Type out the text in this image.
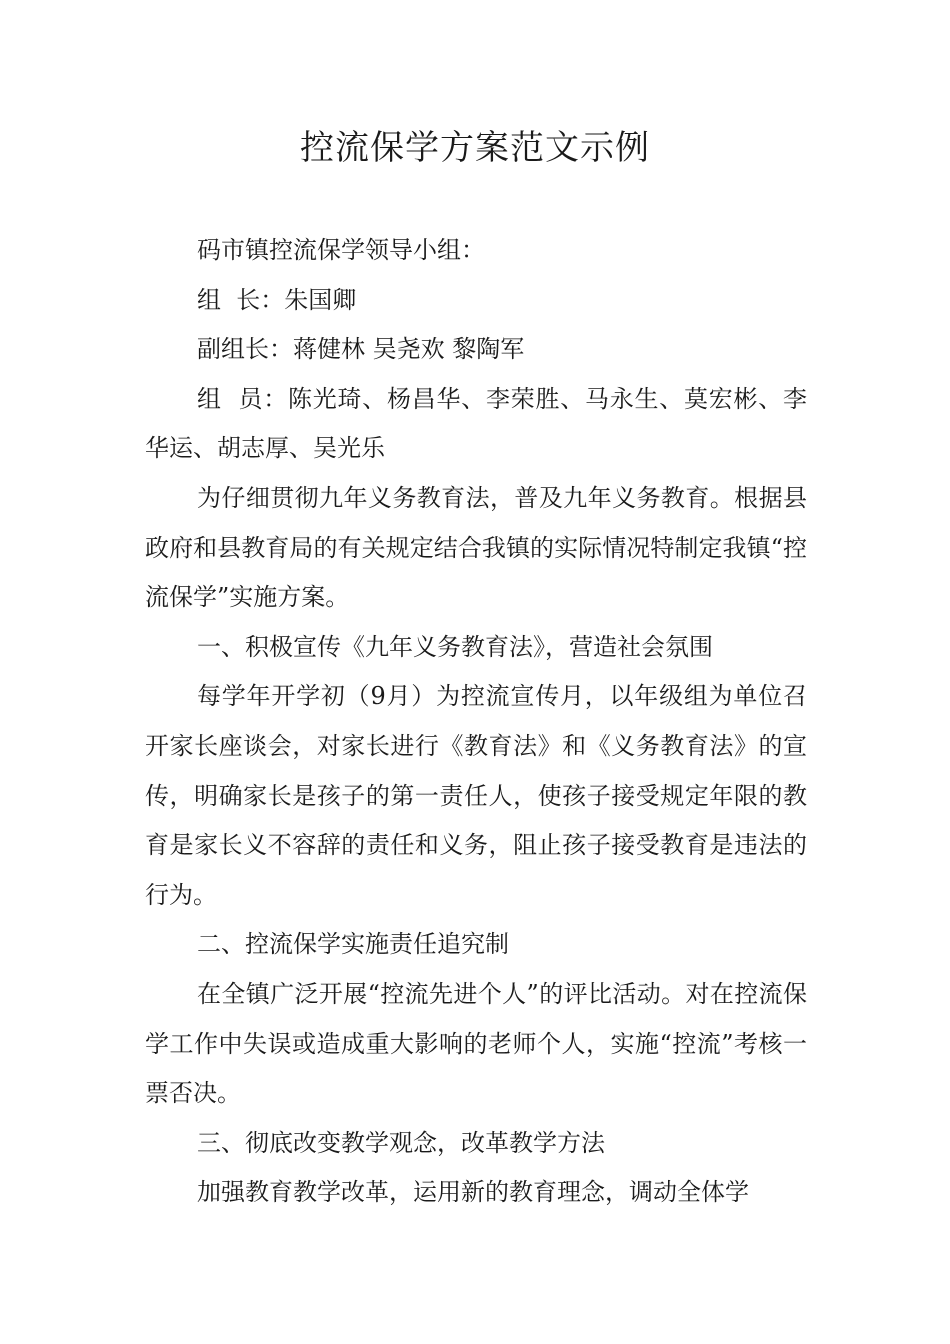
控流保学方案范文示例

码市镇控流保学领导小组：

组  长：朱国卿

副组长：蒋健林 吴尧欢 黎陶军

组  员：陈光琦、杨昌华、李荣胜、马永生、莫宏彬、李华运、胡志厚、吴光乐

为仔细贯彻九年义务教育法，普及九年义务教育。根据县政府和县教育局的有关规定结合我镇的实际情况特制定我镇“控流保学”实施方案。

一、积极宣传《九年义务教育法》，营造社会氛围

每学年开学初（9月）为控流宣传月，以年级组为单位召开家长座谈会，对家长进行《教育法》和《义务教育法》的宣传，明确家长是孩子的第一责任人，使孩子接受规定年限的教育是家长义不容辞的责任和义务，阻止孩子接受教育是违法的行为。

二、控流保学实施责任追究制

在全镇广泛开展“控流先进个人”的评比活动。对在控流保学工作中失误或造成重大影响的老师个人，实施“控流”考核一票否决。

三、彻底改变教学观念，改革教学方法

加强教育教学改革，运用新的教育理念，调动全体学
